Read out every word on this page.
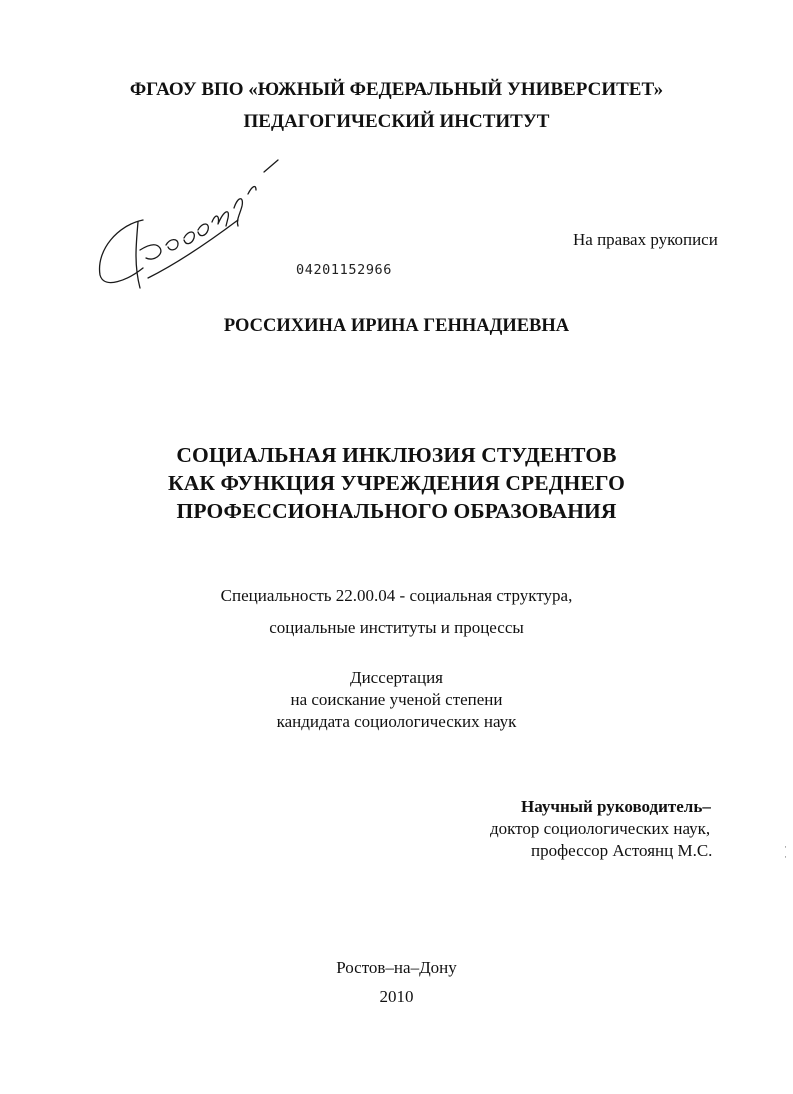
ФГАОУ ВПО «ЮЖНЫЙ ФЕДЕРАЛЬНЫЙ УНИВЕРСИТЕТ»
ПЕДАГОГИЧЕСКИЙ ИНСТИТУТ
На правах рукописи
04201152966
РОССИХИНА ИРИНА ГЕННАДИЕВНА
СОЦИАЛЬНАЯ ИНКЛЮЗИЯ СТУДЕНТОВ
КАК ФУНКЦИЯ УЧРЕЖДЕНИЯ СРЕДНЕГО
ПРОФЕССИОНАЛЬНОГО ОБРАЗОВАНИЯ
Специальность 22.00.04 - социальная структура,
социальные институты и процессы
Диссертация
на соискание ученой степени
кандидата социологических наук
Научный руководитель–
доктор социологических наук,
профессор Астоянц М.С.	·
·
Ростов–на–Дону
2010
